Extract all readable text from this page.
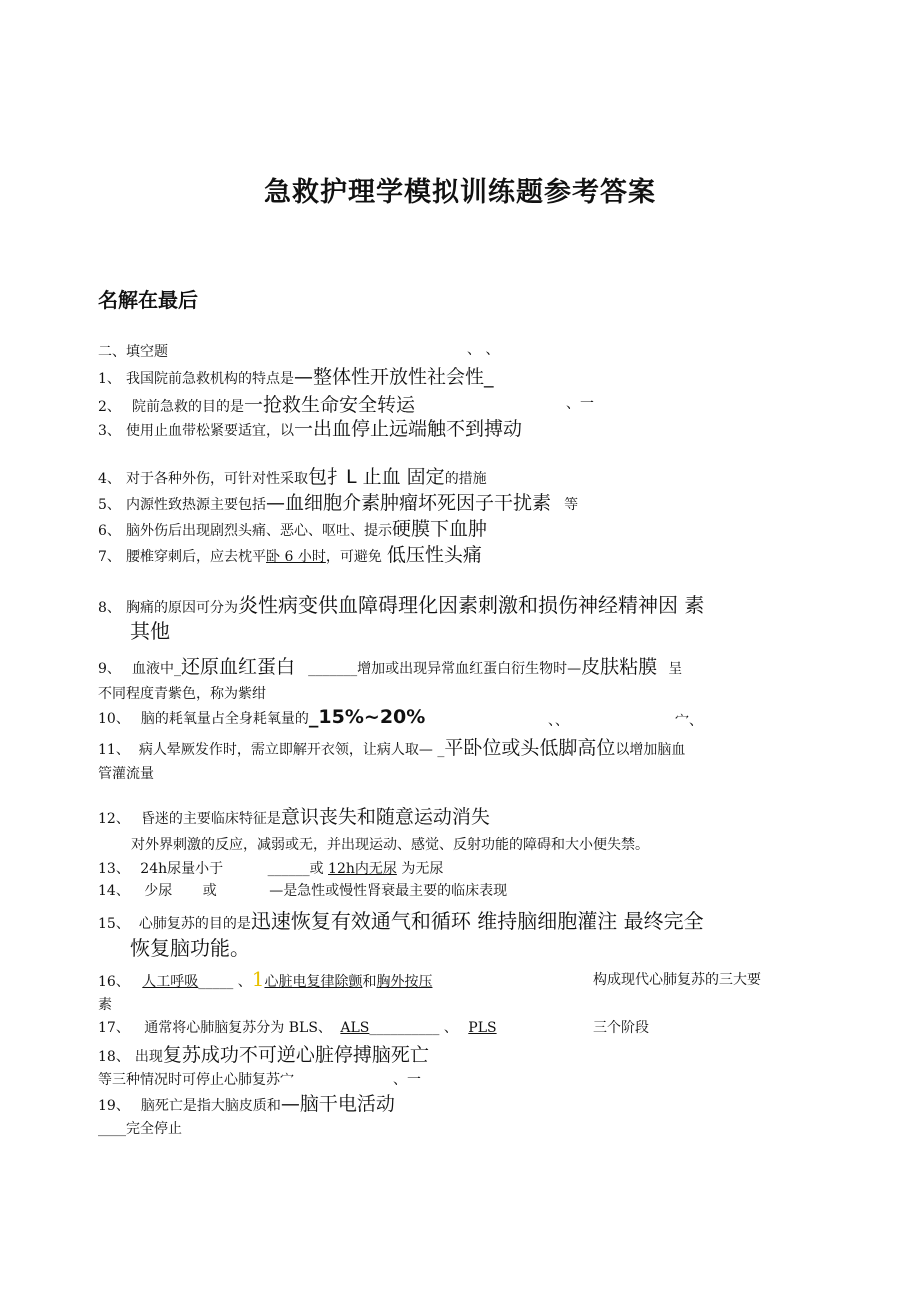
急救护理学模拟训练题参考答案
名解在最后
二、填空题	、 、
1、 我国院前急救机构的特点是—整体性开放性社会性_
2、 院前急救的目的是一抢救生命安全转运	、一
3、 使用止血带松紧要适宜，以一出血停止远端触不到搏动
4、 对于各种外伤，可针对性采取包扌L 止血 固定的措施
5、 内源性致热源主要包括—血细胞介素肿瘤坏死因子干扰素 等
6、 脑外伤后出现剧烈头痛、恶心、呕吐、提示硬膜下血肿
7、 腰椎穿刺后，应去枕平卧 6 小时，可避免 低压性头痛
8、 胸痛的原因可分为炎性病变供血障碍理化因素刺激和损伤神经精神因 素
其他
9、 血液中_还原血红蛋白 _______增加或出现异常血红蛋白衍生物时—皮肤粘膜 呈
不同程度青紫色，称为紫绀
10、 脑的耗氧量占全身耗氧量的_15%~20%	、、	宀、
11、 病人晕厥发作时，需立即解开衣领，让病人取— _平卧位或头低脚高位以增加脑血
管灌流量
12、 昏迷的主要临床特征是意识丧失和随意运动消失
对外界刺激的反应，减弱或无，并出现运动、感觉、反射功能的障碍和大小便失禁。
13、 24h尿量小于	______或 12h内无尿 为无尿
14、 少尿 或	—是急性或慢性肾衰最主要的临床表现
15、 心肺复苏的目的是迅速恢复有效通气和循环 维持脑细胞灌注 最终完全
恢复脑功能。
16、 人工呼吸_____ 、1心脏电复律除颤和胸外按压	构成现代心肺复苏的三大要
素
17、 通常将心肺脑复苏分为 BLS、 ALS__________ 、 PLS	三个阶段
18、 出现复苏成功不可逆心脏停搏脑死亡
等三种情况时可停止心肺复苏宀	、一
19、 脑死亡是指大脑皮质和—脑干电活动
____完全停止
